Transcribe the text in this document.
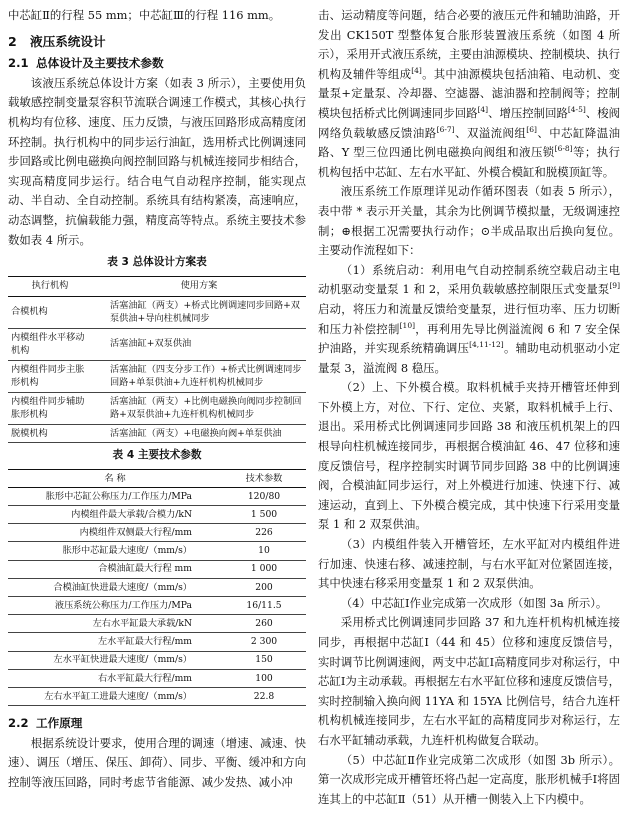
中芯缸Ⅱ的行程 55 mm；中芯缸Ⅲ的行程 116 mm。

2 液压系统设计
2.1 总体设计及主要技术参数

该液压系统总体设计方案（如表 3 所示），主要使用负载敏感控制变量泵容积节流联合调速工作模式，其核心执行机构均有位移、速度、压力反馈，与液压回路形成高精度闭环控制。执行机构中的同步运行油缸，选用桥式比例调速同步回路或比例电磁换向阀控制回路与机械连接同步相结合，实现高精度同步运行。结合电气自动程序控制，能实现点动、半自动、全自动控制。系统具有结构紧凑，高速响应，动态调整，抗偏载能力强，精度高等特点。系统主要技术参数如表 4 所示。

表 3 总体设计方案表
执行机构	使用方案
合模机构	活塞油缸（两支）+桥式比例调速同步回路+双泵供油+导向柱机械同步
内模组件水平移动机构	活塞油缸+双泵供油
内模组件同步主胀形机构	活塞油缸（四支分步工作）+桥式比例调速同步回路+单泵供油+九连杆机构机械同步
内模组件同步辅助胀形机构	活塞油缸（两支）+比例电磁换向阀同步控制回路+双泵供油+九连杆机构机械同步
脱模机构	活塞油缸（两支）+电磁换向阀+单泵供油
表 4 主要技术参数
名 称	技术参数
胀形中芯缸公称压力/工作压力/MPa	120/80
内模组件最大承载/合模力/kN	1 500
内模组件双侧最大行程/mm	226
胀形中芯缸最大速度/（mm/s）	10
合模油缸最大行程 mm	1 000
合模油缸快进最大速度/（mm/s）	200
液压系统公称压力/工作压力/MPa	16/11.5
左右水平缸最大承载/kN	260
左水平缸最大行程/mm	2 300
左水平缸快进最大速度/（mm/s）	150
右水平缸最大行程/mm	100
左右水平缸工进最大速度/（mm/s）	22.8
2.2 工作原理

根据系统设计要求，使用合理的调速（增速、减速、快速）、调压（增压、保压、卸荷）、同步、平衡、缓冲和方向控制等液压回路，同时考虑节省能源、减少发热、减小冲

击、运动精度等问题，结合必要的液压元件和辅助油路，开发出 CK150T 型整体复合胀形装置液压系统（如图 4 所示），采用开式液压系统，主要由油源模块、控制模块、执行机构及辅件等组成[4]。其中油源模块包括油箱、电动机、变量泵+定量泵、冷却器、空滤器、滤油器和控制阀等；控制模块包括桥式比例调速同步回路[4]、增压控制回路[4-5]、梭阀网络负载敏感反馈油路[6-7]、双溢流阀组[6]、中芯缸降温油路、Y 型三位四通比例电磁换向阀组和液压锁[6-8]等；执行机构包括中芯缸、左右水平缸、外模合模缸和脱模顶缸等。

液压系统工作原理详见动作循环图表（如表 5 所示），表中带 * 表示开关量，其余为比例调节模拟量，无级调速控制；⊕根据工况需要执行动作；⊙半成品取出后换向复位。主要动作流程如下：

（1）系统启动：利用电气自动控制系统空载启动主电动机驱动变量泵 1 和 2，采用负载敏感控制限压式变量泵[9]启动，将压力和流量反馈给变量泵，进行恒功率、压力切断和压力补偿控制[10]，再利用先导比例溢流阀 6 和 7 安全保护油路，并实现系统精确调压[4,11-12]。辅助电动机驱动小定量泵 3，溢流阀 8 稳压。

（2）上、下外模合模。取料机械手夹持开槽管坯伸到下外模上方，对位、下行、定位、夹紧，取料机械手上行、退出。采用桥式比例调速同步回路 38 和液压机机架上的四根导向柱机械连接同步，再根据合模油缸 46、47 位移和速度反馈信号，程序控制实时调节同步回路 38 中的比例调速阀，合模油缸同步运行，对上外模进行加速、快速下行、减速运动，直到上、下外模合模完成，其中快速下行采用变量泵 1 和 2 双泵供油。

（3）内模组件装入开槽管坯，左水平缸对内模组件进行加速、快速右移、减速控制，与右水平缸对位紧固连接，其中快速右移采用变量泵 1 和 2 双泵供油。

（4）中芯缸Ⅰ作业完成第一次成形（如图 3a 所示）。

采用桥式比例调速同步回路 37 和九连杆机构机械连接同步，再根据中芯缸Ⅰ（44 和 45）位移和速度反馈信号，实时调节比例调速阀，两支中芯缸Ⅰ高精度同步对称运行，中芯缸Ⅰ为主动承载。再根据左右水平缸位移和速度反馈信号，实时控制输入换向阀 11YA 和 15YA 比例信号，结合九连杆机构机械连接同步，左右水平缸的高精度同步对称运行，左右水平缸辅动承载，九连杆机构做复合联动。

（5）中芯缸Ⅱ作业完成第二次成形（如图 3b 所示）。第一次成形完成开槽管坯将凸起一定高度，胀形机械手Ⅰ将固连其上的中芯缸Ⅱ（51）从开槽一侧装入上下内模中。
